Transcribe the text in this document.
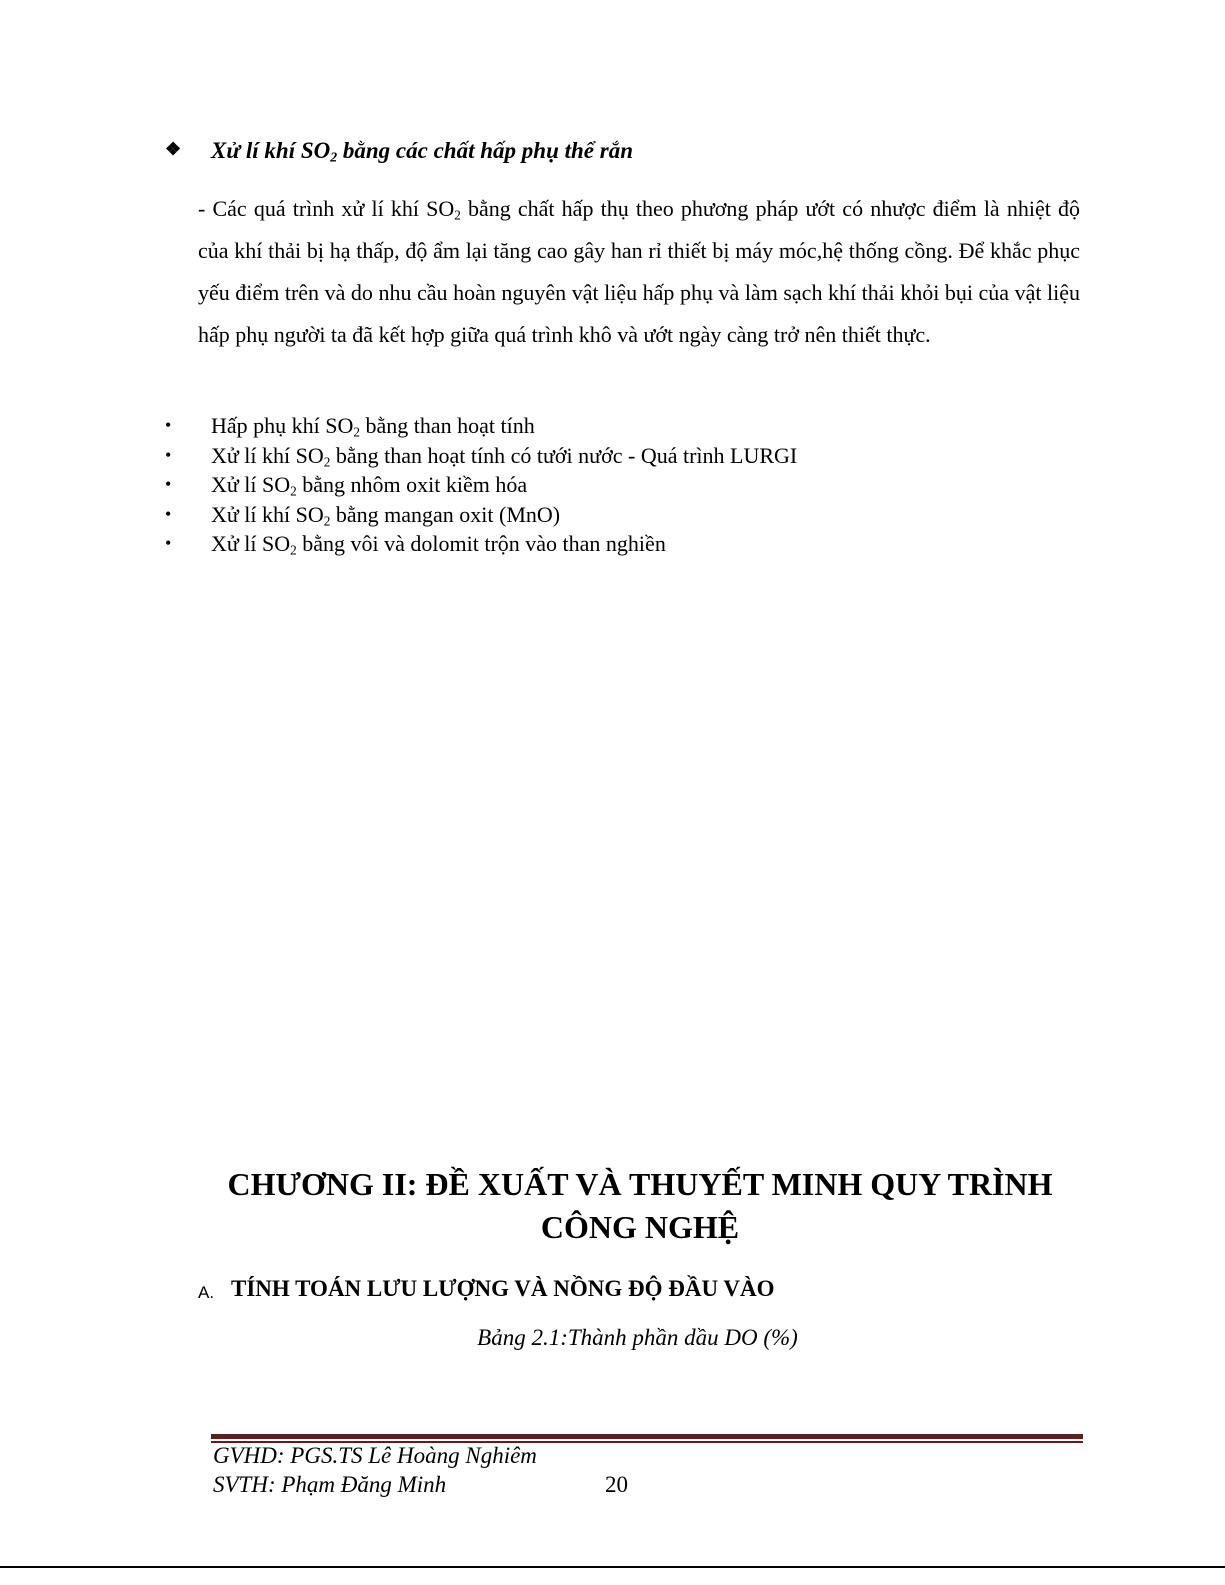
❖ Xử lí khí $SO_2$ bằng các chất hấp phụ thể rắn
- Các quá trình xử lí khí $SO_2$ bằng chất hấp thụ theo phương pháp ướt có nhược điểm là nhiệt độ của khí thải bị hạ thấp, độ ẩm lại tăng cao gây han rỉ thiết bị máy móc,hệ thống cồng. Để khắc phục yếu điểm trên và do nhu cầu hoàn nguyên vật liệu hấp phụ và làm sạch khí thải khỏi bụi của vật liệu hấp phụ người ta đã kết hợp giữa quá trình khô và ướt ngày càng trở nên thiết thực.
• Hấp phụ khí $SO_2$ bằng than hoạt tính
• Xử lí khí $SO_2$ bằng than hoạt tính có tưới nước - Quá trình LURGI
• Xử lí $SO_2$ bằng nhôm oxit kiềm hóa
• Xử lí khí $SO_2$ bằng mangan oxit (MnO)
• Xử lí $SO_2$ bằng vôi và dolomit trộn vào than nghiền
CHƯƠNG II: ĐỀ XUẤT VÀ THUYẾT MINH QUY TRÌNH
CÔNG NGHỆ
A. TÍNH TOÁN LƯU LƯỢNG VÀ NỒNG ĐỘ ĐẦU VÀO
Bảng 2.1:Thành phần dầu DO (%)
GVHD: PGS.TS Lê Hoàng Nghiêm
SVTH: Phạm Đăng Minh	20
